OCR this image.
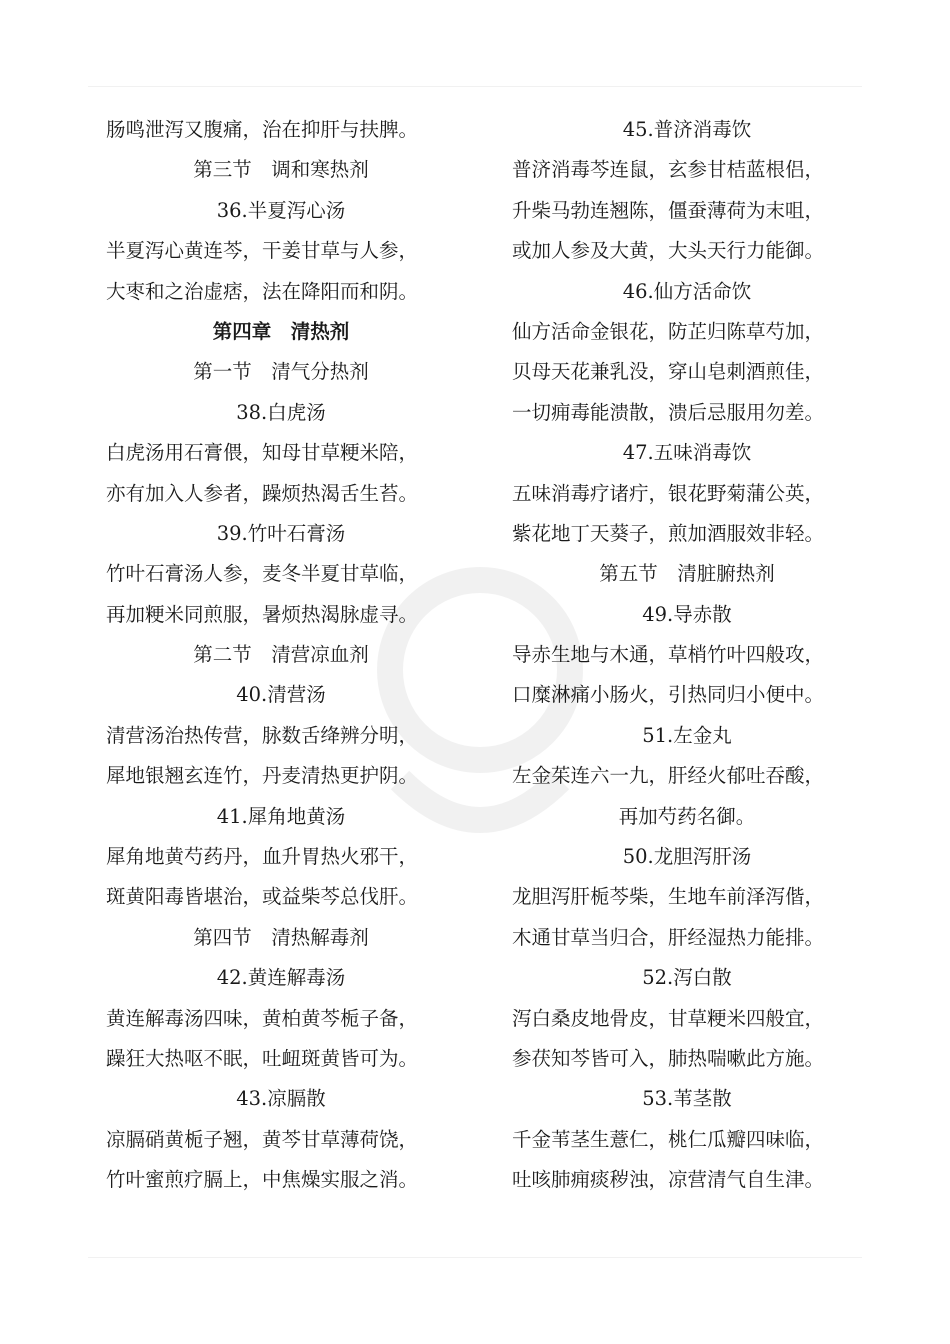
肠鸣泄泻又腹痛，治在抑肝与扶脾。
第三节　调和寒热剂
36.半夏泻心汤
半夏泻心黄连芩，干姜甘草与人参，
大枣和之治虚痞，法在降阳而和阴。
第四章　清热剂
第一节　清气分热剂
38.白虎汤
白虎汤用石膏偎，知母甘草粳米陪，
亦有加入人参者，躁烦热渴舌生苔。
39.竹叶石膏汤
竹叶石膏汤人参，麦冬半夏甘草临，
再加粳米同煎服，暑烦热渴脉虚寻。
第二节　清营凉血剂
40.清营汤
清营汤治热传营，脉数舌绛辨分明，
犀地银翘玄连竹，丹麦清热更护阴。
41.犀角地黄汤
犀角地黄芍药丹，血升胃热火邪干，
斑黄阳毒皆堪治，或益柴芩总伐肝。
第四节　清热解毒剂
42.黄连解毒汤
黄连解毒汤四味，黄柏黄芩栀子备，
躁狂大热呕不眠，吐衄斑黄皆可为。
43.凉膈散
凉膈硝黄栀子翘，黄芩甘草薄荷饶，
竹叶蜜煎疗膈上，中焦燥实服之消。
45.普济消毒饮
普济消毒芩连鼠，玄参甘桔蓝根侣，
升柴马勃连翘陈，僵蚕薄荷为末咀，
或加人参及大黄，大头天行力能御。
46.仙方活命饮
仙方活命金银花，防芷归陈草芍加，
贝母天花兼乳没，穿山皂刺酒煎佳，
一切痈毒能溃散，溃后忌服用勿差。
47.五味消毒饮
五味消毒疗诸疔，银花野菊蒲公英，
紫花地丁天葵子，煎加酒服效非轻。
第五节　清脏腑热剂
49.导赤散
导赤生地与木通，草梢竹叶四般攻，
口糜淋痛小肠火，引热同归小便中。
51.左金丸
左金茱连六一九，肝经火郁吐吞酸，
再加芍药名御。
50.龙胆泻肝汤
龙胆泻肝栀芩柴，生地车前泽泻偕，
木通甘草当归合，肝经湿热力能排。
52.泻白散
泻白桑皮地骨皮，甘草粳米四般宜，
参茯知芩皆可入，肺热喘嗽此方施。
53.苇茎散
千金苇茎生薏仁，桃仁瓜瓣四味临，
吐咳肺痈痰秽浊，凉营清气自生津。
